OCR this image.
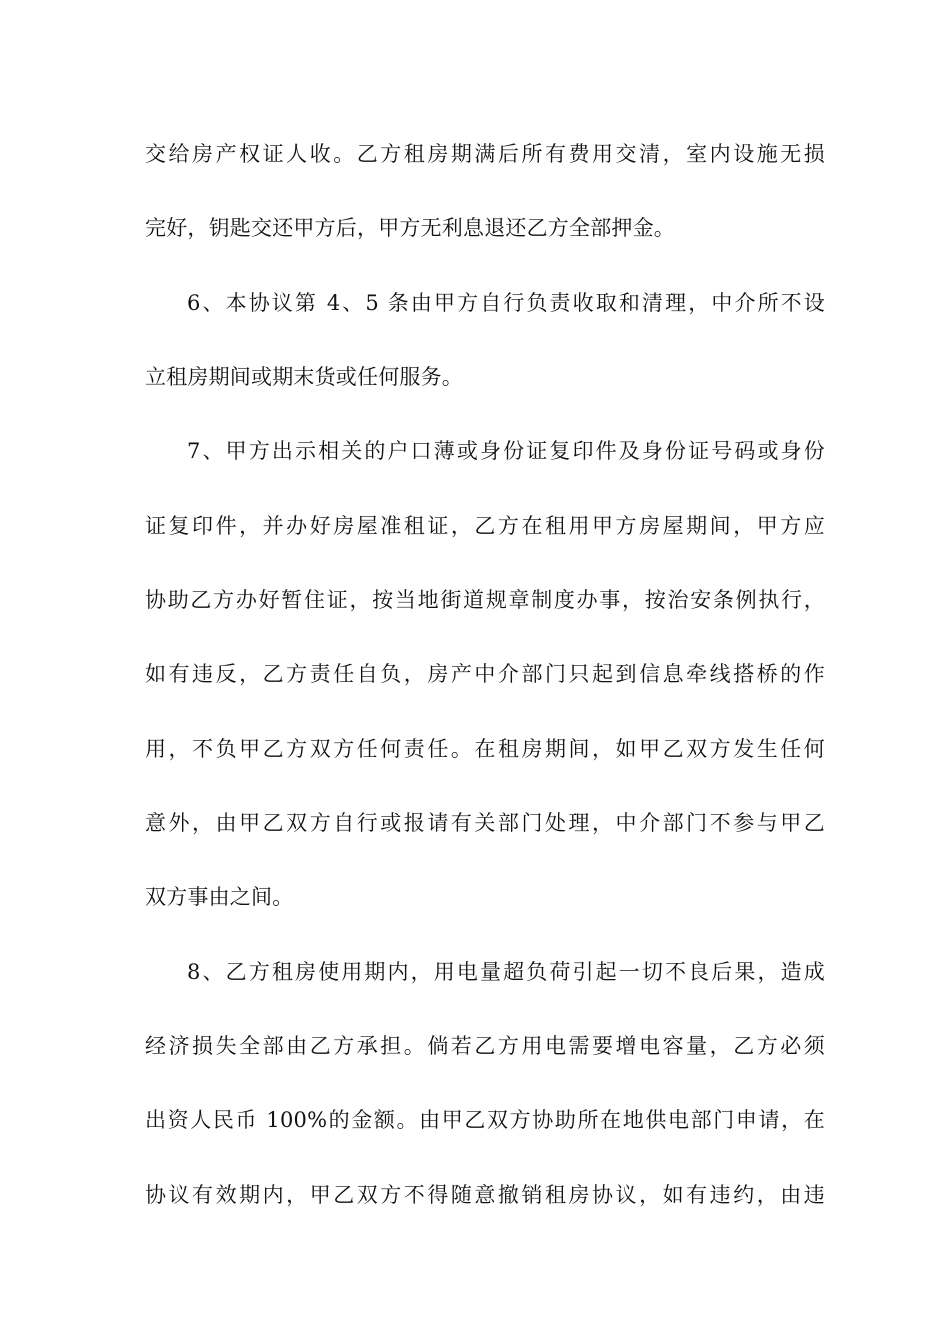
交给房产权证人收。乙方租房期满后所有费用交清，室内设施无损
完好，钥匙交还甲方后，甲方无利息退还乙方全部押金。
6、本协议第 4、5 条由甲方自行负责收取和清理，中介所不设
立租房期间或期末货或任何服务。
7、甲方出示相关的户口薄或身份证复印件及身份证号码或身份
证复印件，并办好房屋准租证，乙方在租用甲方房屋期间，甲方应
协助乙方办好暂住证，按当地街道规章制度办事，按治安条例执行，
如有违反，乙方责任自负，房产中介部门只起到信息牵线搭桥的作
用，不负甲乙方双方任何责任。在租房期间，如甲乙双方发生任何
意外，由甲乙双方自行或报请有关部门处理，中介部门不参与甲乙
双方事由之间。
8、乙方租房使用期内，用电量超负荷引起一切不良后果，造成
经济损失全部由乙方承担。倘若乙方用电需要增电容量，乙方必须
出资人民币 100%的金额。由甲乙双方协助所在地供电部门申请，在
协议有效期内，甲乙双方不得随意撤销租房协议，如有违约，由违
